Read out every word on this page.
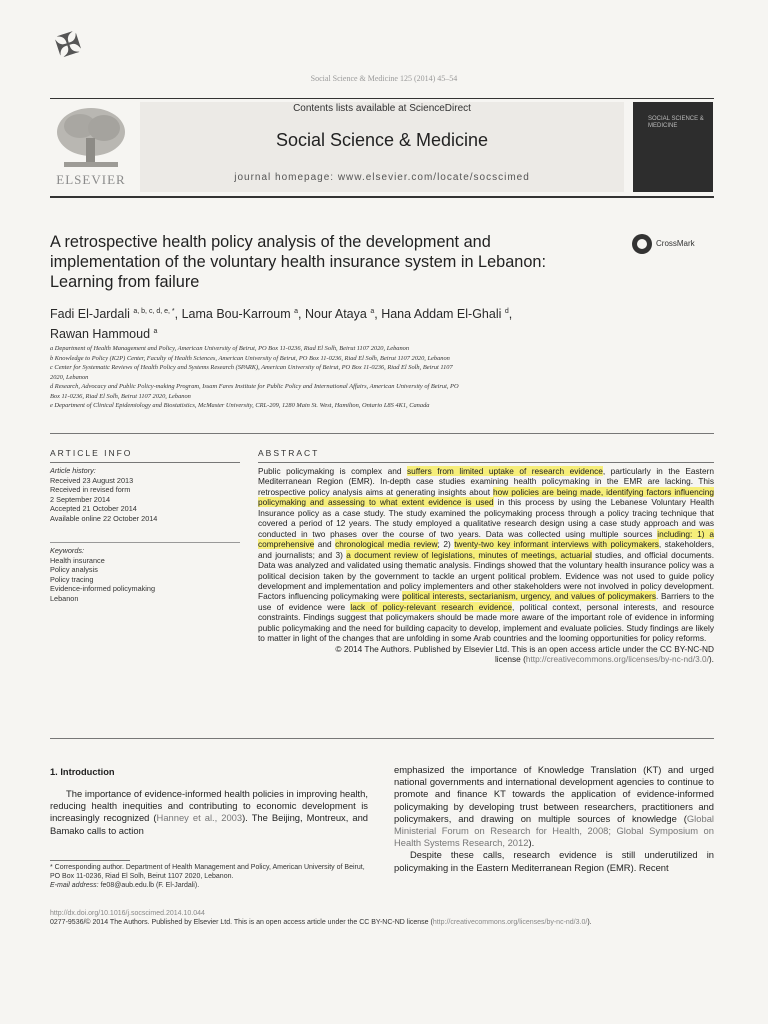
✠
Social Science & Medicine 125 (2014) 45–54
ELSEVIER
Contents lists available at ScienceDirect
Social Science & Medicine
journal homepage: www.elsevier.com/locate/socscimed
SOCIAL SCIENCE & MEDICINE
A retrospective health policy analysis of the development and
implementation of the voluntary health insurance system in Lebanon:
Learning from failure
CrossMark
Fadi El-Jardali $^{a, b, c, d, e, *}$, Lama Bou-Karroum $^a$, Nour Ataya $^a$, Hana Addam El-Ghali $^d$,
Rawan Hammoud $^a$
a Department of Health Management and Policy, American University of Beirut, PO Box 11-0236, Riad El Solh, Beirut 1107 2020, Lebanon
b Knowledge to Policy (K2P) Center, Faculty of Health Sciences, American University of Beirut, PO Box 11-0236, Riad El Solh, Beirut 1107 2020, Lebanon
c Center for Systematic Reviews of Health Policy and Systems Research (SPARK), American University of Beirut, PO Box 11-0236, Riad El Solh, Beirut 1107
2020, Lebanon
d Research, Advocacy and Public Policy-making Program, Issam Fares Institute for Public Policy and International Affairs, American University of Beirut, PO
Box 11-0236, Riad El Solh, Beirut 1107 2020, Lebanon
e Department of Clinical Epidemiology and Biostatistics, McMaster University, CRL-209, 1280 Main St. West, Hamilton, Ontario L8S 4K1, Canada
ARTICLE INFO	ABSTRACT
Article history:
Received 23 August 2013
Received in revised form
2 September 2014
Accepted 21 October 2014
Available online 22 October 2014
Keywords:
Health insurance
Policy analysis
Policy tracing
Evidence-informed policymaking
Lebanon
Public policymaking is complex and suffers from limited uptake of research evidence, particularly in the Eastern Mediterranean Region (EMR). In-depth case studies examining health policymaking in the EMR are lacking. This retrospective policy analysis aims at generating insights about how policies are being made, identifying factors influencing policymaking and assessing to what extent evidence is used in this process by using the Lebanese Voluntary Health Insurance policy as a case study. The study examined the policymaking process through a policy tracing technique that covered a period of 12 years. The study employed a qualitative research design using a case study approach and was conducted in two phases over the course of two years. Data was collected using multiple sources including: 1) a comprehensive and chronological media review; 2) twenty-two key informant interviews with policymakers, stakeholders, and journalists; and 3) a document review of legislations, minutes of meetings, actuarial studies, and official documents. Data was analyzed and validated using thematic analysis. Findings showed that the voluntary health insurance policy was a political decision taken by the government to tackle an urgent political problem. Evidence was not used to guide policy development and implementation and policy implementers and other stakeholders were not involved in policy development. Factors influencing policymaking were political interests, sectarianism, urgency, and values of policymakers. Barriers to the use of evidence were lack of policy-relevant research evidence, political context, personal interests, and resource constraints. Findings suggest that policymakers should be made more aware of the important role of evidence in informing public policymaking and the need for building capacity to develop, implement and evaluate policies. Study findings are likely to matter in light of the changes that are unfolding in some Arab countries and the looming opportunities for policy reforms.
© 2014 The Authors. Published by Elsevier Ltd. This is an open access article under the CC BY-NC-ND
license (http://creativecommons.org/licenses/by-nc-nd/3.0/).
1. Introduction
The importance of evidence-informed health policies in improving health, reducing health inequities and contributing to economic development is increasingly recognized (Hanney et al., 2003). The Beijing, Montreux, and Bamako calls to action

emphasized the importance of Knowledge Translation (KT) and urged national governments and international development agencies to continue to promote and finance KT towards the application of evidence-informed policymaking by developing trust between researchers, practitioners and policymakers, and drawing on multiple sources of knowledge (Global Ministerial Forum on Research for Health, 2008; Global Symposium on Health Systems Research, 2012).

Despite these calls, research evidence is still underutilized in policymaking in the Eastern Mediterranean Region (EMR). Recent

* Corresponding author. Department of Health Management and Policy, American University of Beirut, PO Box 11-0236, Riad El Solh, Beirut 1107 2020, Lebanon.
E-mail address: fe08@aub.edu.lb (F. El-Jardali).
http://dx.doi.org/10.1016/j.socscimed.2014.10.044
0277-9536/© 2014 The Authors. Published by Elsevier Ltd. This is an open access article under the CC BY-NC-ND license (http://creativecommons.org/licenses/by-nc-nd/3.0/).
